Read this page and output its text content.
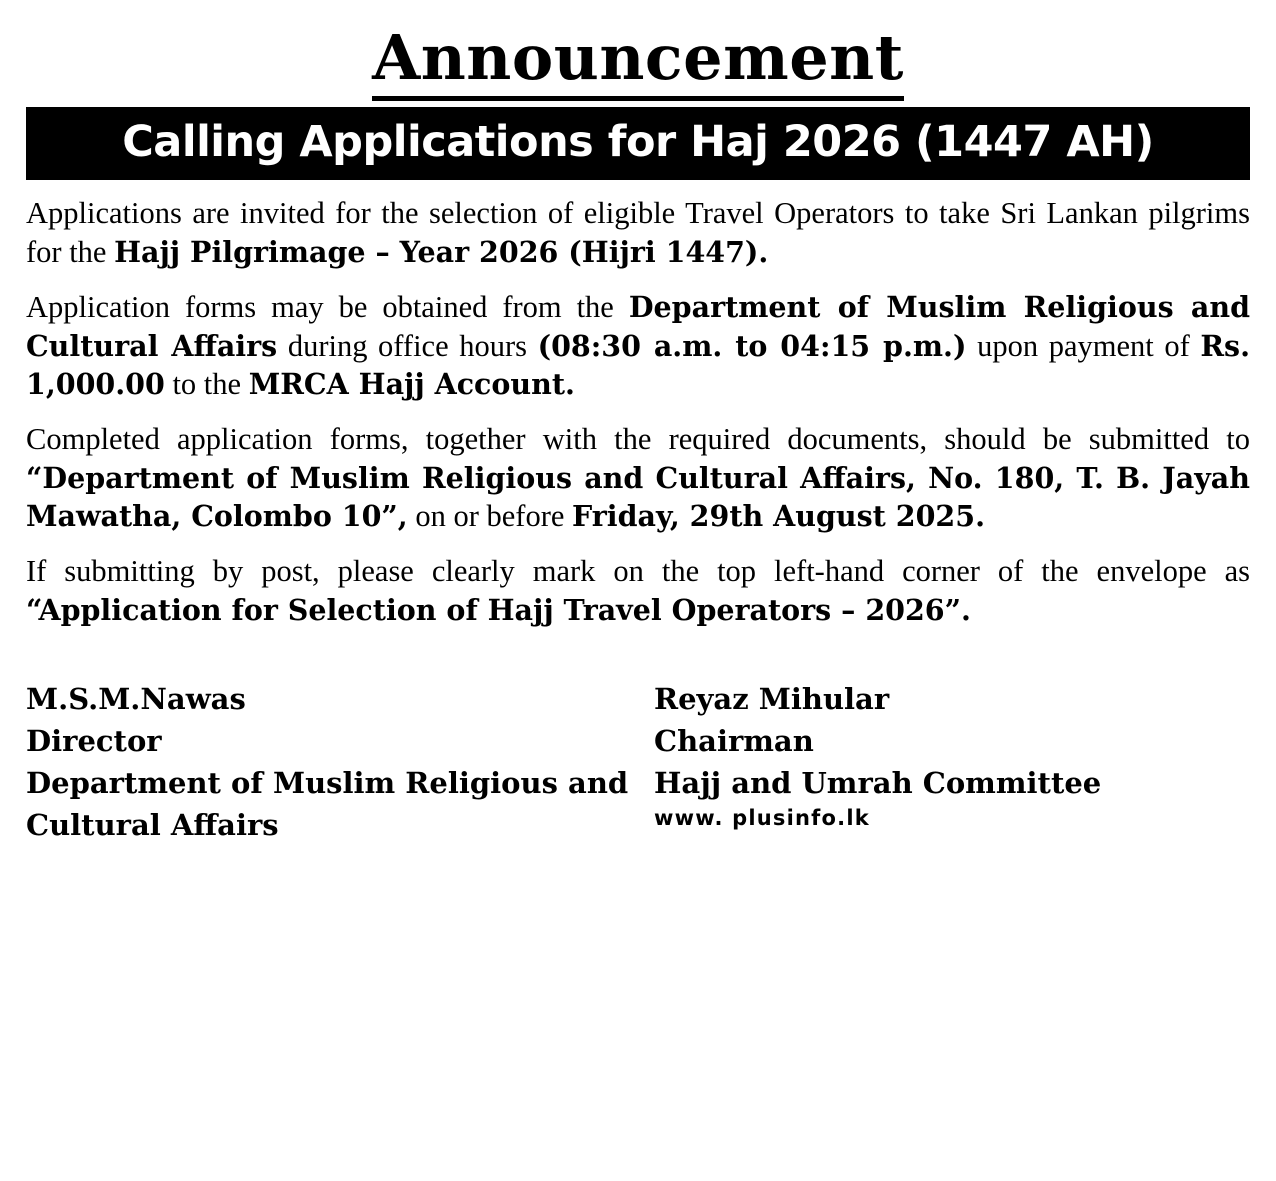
Announcement
Calling Applications for Haj 2026 (1447 AH)

Applications are invited for the selection of eligible Travel Operators to take Sri Lankan pilgrims for the Hajj Pilgrimage – Year 2026 (Hijri 1447).

Application forms may be obtained from the Department of Muslim Religious and Cultural Affairs during office hours (08:30 a.m. to 04:15 p.m.) upon payment of Rs. 1,000.00 to the MRCA Hajj Account.

Completed application forms, together with the required documents, should be submitted to “Department of Muslim Religious and Cultural Affairs, No. 180, T. B. Jayah Mawatha, Colombo 10”, on or before Friday, 29th August 2025.

If submitting by post, please clearly mark on the top left-hand corner of the envelope as “Application for Selection of Hajj Travel Operators – 2026”.

M.S.M.Nawas
Director
Department of Muslim Religious and
Cultural Affairs
Reyaz Mihular
Chairman
Hajj and Umrah Committee
www. plusinfo.lk
